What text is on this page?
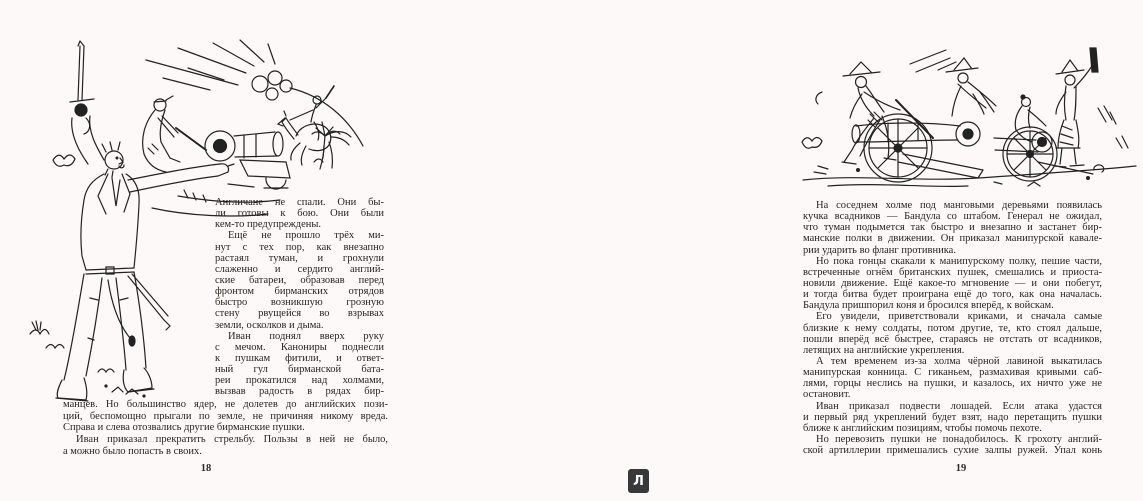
Англичане не спали. Они бы-
ли готовы к бою. Они были
кем-то предупреждены.
Ещё не прошло трёх ми-
нут с тех пор, как внезапно
растаял туман, и грохнули
слаженно и сердито англий-
ские батареи, образовав перед
фронтом бирманских отрядов
быстро возникшую грозную
стену рвущейся во взрывах
земли, осколков и дыма.
Иван поднял вверх руку
с мечом. Канониры поднесли
к пушкам фитили, и ответ-
ный гул бирманской бата-
реи прокатился над холмами,
вызвав радость в рядах бир-
манцев. Но большинство ядер, не долетев до английских пози-
ций, беспомощно прыгали по земле, не причиняя никому вреда.
Справа и слева отозвались другие бирманские пушки.
Иван приказал прекратить стрельбу. Пользы в ней не было,
а можно было попасть в своих.
18
На соседнем холме под манговыми деревьями появилась
кучка всадников — Бандула со штабом. Генерал не ожидал,
что туман подымется так быстро и внезапно и застанет бир-
манские полки в движении. Он приказал манипурской кавале-
рии ударить во фланг противника.
Но пока гонцы скакали к манипурскому полку, пешие части,
встреченные огнём британских пушек, смешались и приоста-
новили движение. Ещё какое-то мгновение — и они побегут,
и тогда битва будет проиграна ещё до того, как она началась.
Бандула пришпорил коня и бросился вперёд, к войскам.
Его увидели, приветствовали криками, и сначала самые
близкие к нему солдаты, потом другие, те, кто стоял дальше,
пошли вперёд всё быстрее, стараясь не отстать от всадников,
летящих на английские укрепления.
А тем временем из-за холма чёрной лавиной выкатилась
манипурская конница. С гиканьем, размахивая кривыми саб-
лями, горцы неслись на пушки, и казалось, их ничто уже не
остановит.
Иван приказал подвести лошадей. Если атака удастся
и первый ряд укреплений будет взят, надо перетащить пушки
ближе к английским позициям, чтобы помочь пехоте.
Но перевозить пушки не понадобилось. К грохоту англий-
ской артиллерии примешались сухие залпы ружей. Упал конь
19
Л
